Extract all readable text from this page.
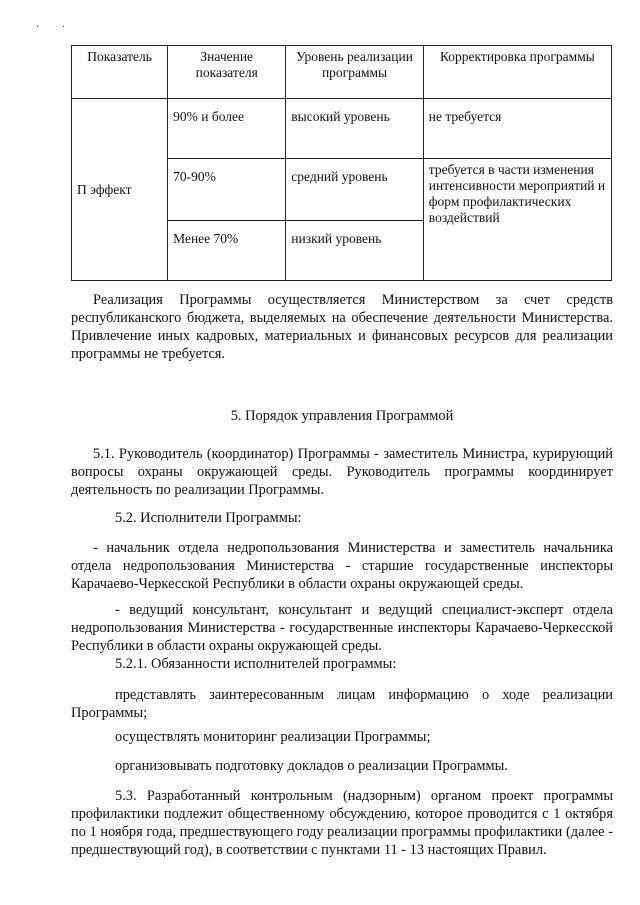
· ·
Показатель	Значение показателя	Уровень реализации программы	Корректировка программы
П эффект	90% и более	высокий уровень	не требуется
	70-90%	средний уровень	требуется в части изменения интенсивности мероприятий и форм профилактических воздействий
	Менее 70%	низкий уровень	

Реализация Программы осуществляется Министерством за счет средств республиканского бюджета, выделяемых на обеспечение деятельности Министерства. Привлечение иных кадровых, материальных и финансовых ресурсов для реализации программы не требуется.

5. Порядок управления Программой

5.1. Руководитель (координатор) Программы - заместитель Министра, курирующий вопросы охраны окружающей среды. Руководитель программы координирует деятельность по реализации Программы.

5.2. Исполнители Программы:

- начальник отдела недропользования Министерства и заместитель начальника отдела недропользования Министерства - старшие государственные инспекторы Карачаево-Черкесской Республики в области охраны окружающей среды.

- ведущий консультант, консультант и ведущий специалист-эксперт отдела недропользования Министерства - государственные инспекторы Карачаево-Черкесской Республики в области охраны окружающей среды.

5.2.1. Обязанности исполнителей программы:

представлять заинтересованным лицам информацию о ходе реализации Программы;

осуществлять мониторинг реализации Программы;

организовывать подготовку докладов о реализации Программы.

5.3. Разработанный контрольным (надзорным) органом проект программы профилактики подлежит общественному обсуждению, которое проводится с 1 октября по 1 ноября года, предшествующего году реализации программы профилактики (далее - предшествующий год), в соответствии с пунктами 11 - 13 настоящих Правил.
